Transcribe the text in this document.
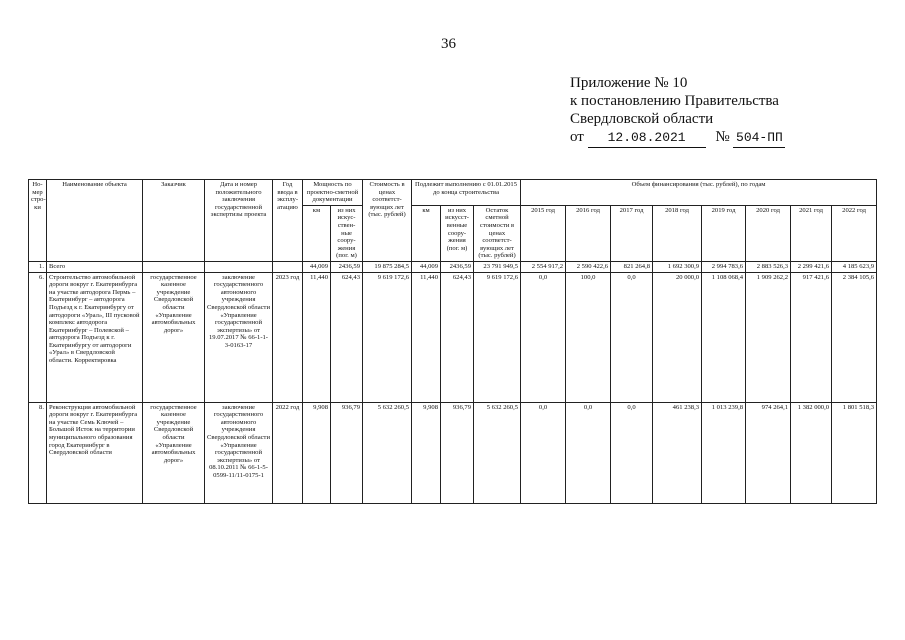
36
Приложение № 10
к постановлению Правительства
Свердловской области
от 12.08.2021 № 504-ПП
Но-мер стро-ки	Наименование объекта	Заказчик	Дата и номер положительного заключения государственной экспертизы проекта	Год ввода в эксплу-атацию	Мощность по проектно-сметной документации		Стоимость в ценах соответст-вующих лет (тыс. рублей)	Подлежит выполнению с 01.01.2015 до конца строительства			Объем финансирования (тыс. рублей), по годам							
					км	из них искус-ствен-ные соору-жения (пог. м)		км	из них искусст-венные соору-жения (пог. м)	Остаток сметной стоимости в ценах соответст-вующих лет (тыс. рублей)	2015 год	2016 год	2017 год	2018 год	2019 год	2020 год	2021 год	2022 год
1.	Всего				44,009	2436,59	19 875 284,5	44,009	2436,59	23 791 949,5	2 554 917,2	2 590 422,6	821 264,8	1 692 300,9	2 994 783,6	2 883 526,3	2 299 421,6	4 185 623,9
6.	Строительство автомобильной дороги вокруг г. Екатеринбурга на участке автодорога Пермь – Екатеринбург – автодорога Подъезд к г. Екатеринбургу от автодороги «Урал», III пусковой комплекс автодорога Екатеринбург – Полевской – автодорога Подъезд к г. Екатеринбургу от автодороги «Урал» в Свердловской области. Корректировка	государственное казенное учреждение Свердловской области «Управление автомобильных дорог»	заключение государственного автономного учреждения Свердловской области «Управление государственной экспертизы» от 19.07.2017 № 66-1-1-3-0163-17	2023 год	11,440	624,43	9 619 172,6	11,440	624,43	9 619 172,6	0,0	100,0	0,0	20 000,0	1 108 068,4	1 909 262,2	917 421,6	2 384 105,6
8.	Реконструкция автомобильной дороги вокруг г. Екатеринбурга на участке Семь Ключей – Большой Исток на территории муниципального образования город Екатеринбург в Свердловской области	государственное казенное учреждение Свердловской области «Управление автомобильных дорог»	заключение государственного автономного учреждения Свердловской области «Управление государственной экспертизы» от 08.10.2011 № 66-1-5-0599-11/11-0175-1	2022 год	9,908	936,79	5 632 260,5	9,908	936,79	5 632 260,5	0,0	0,0	0,0	461 238,3	1 013 239,8	974 264,1	1 382 000,0	1 801 518,3
